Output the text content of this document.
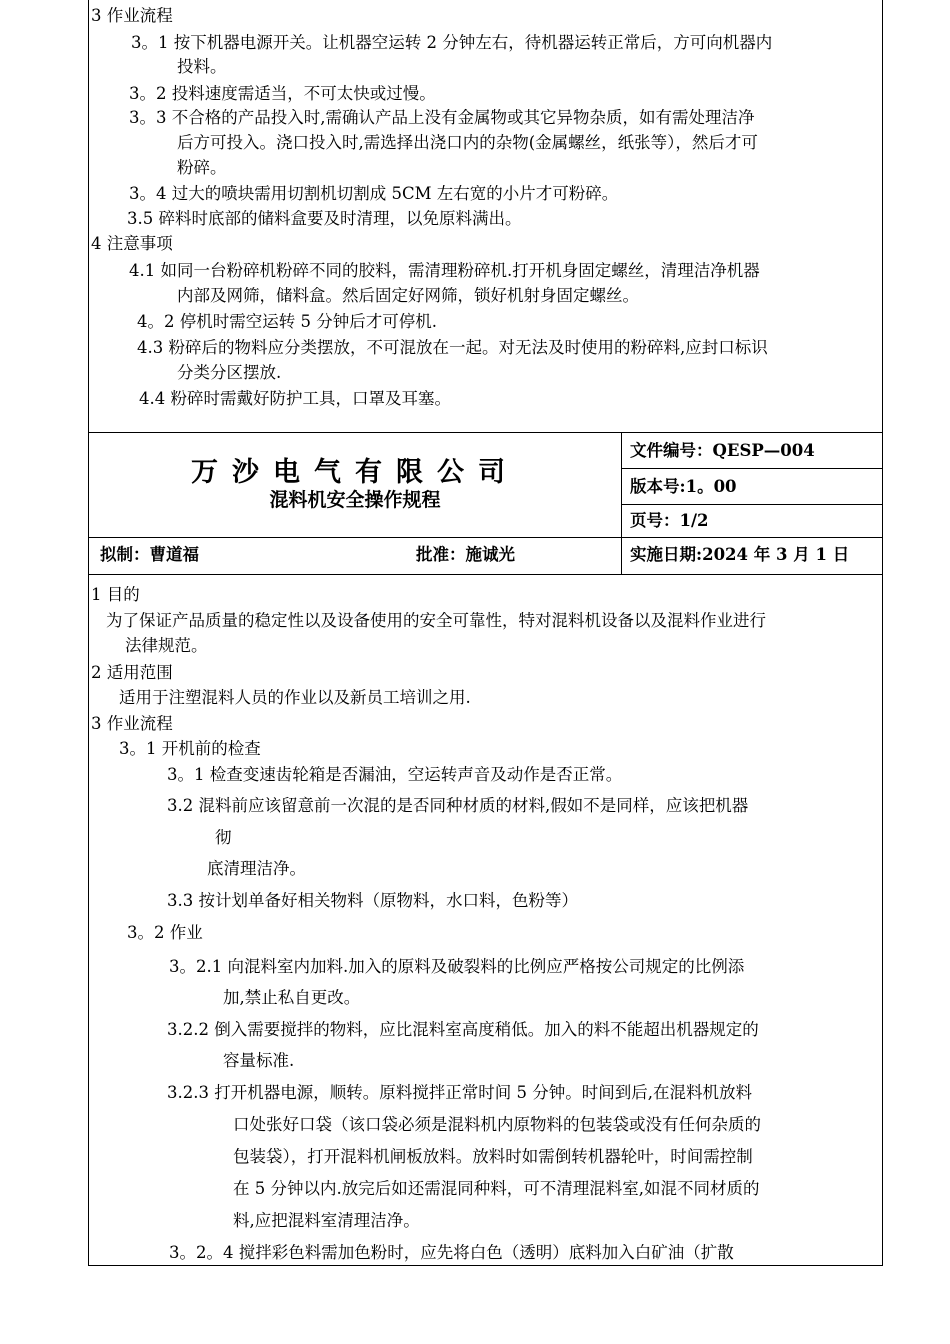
3 作业流程
3。1 按下机器电源开关。让机器空运转 2 分钟左右，待机器运转正常后，方可向机器内
投料。
3。2 投料速度需适当，不可太快或过慢。
3。3 不合格的产品投入时,需确认产品上没有金属物或其它异物杂质，如有需处理洁净
后方可投入。浇口投入时,需选择出浇口内的杂物(金属螺丝，纸张等），然后才可
粉碎。
3。4 过大的喷块需用切割机切割成 5CM 左右宽的小片才可粉碎。
3.5 碎料时底部的储料盒要及时清理，以免原料满出。
4 注意事项
4.1 如同一台粉碎机粉碎不同的胶料，需清理粉碎机.打开机身固定螺丝，清理洁净机器
内部及网筛，储料盒。然后固定好网筛，锁好机射身固定螺丝。
4。2 停机时需空运转 5 分钟后才可停机.
4.3 粉碎后的物料应分类摆放，不可混放在一起。对无法及时使用的粉碎料,应封口标识
分类分区摆放.
4.4 粉碎时需戴好防护工具，口罩及耳塞。
万沙电气有限公司
混料机安全操作规程
文件编号：QESP—004
版本号:1。00
页号：1/2
拟制：曹道福	批准：施诚光	实施日期:2024 年 3 月 1 日
1 目的
为了保证产品质量的稳定性以及设备使用的安全可靠性，特对混料机设备以及混料作业进行
法律规范。
2 适用范围
适用于注塑混料人员的作业以及新员工培训之用.
3 作业流程
3。1 开机前的检查
3。1 检查变速齿轮箱是否漏油，空运转声音及动作是否正常。
3.2 混料前应该留意前一次混的是否同种材质的材料,假如不是同样，应该把机器
彻
底清理洁净。
3.3 按计划单备好相关物料（原物料，水口料，色粉等）
3。2 作业
3。2.1 向混料室内加料.加入的原料及破裂料的比例应严格按公司规定的比例添
加,禁止私自更改。
3.2.2 倒入需要搅拌的物料，应比混料室高度稍低。加入的料不能超出机器规定的
容量标准.
3.2.3 打开机器电源，顺转。原料搅拌正常时间 5 分钟。时间到后,在混料机放料
口处张好口袋（该口袋必须是混料机内原物料的包装袋或没有任何杂质的
包装袋），打开混料机闸板放料。放料时如需倒转机器轮叶，时间需控制
在 5 分钟以内.放完后如还需混同种料，可不清理混料室,如混不同材质的
料,应把混料室清理洁净。
3。2。4 搅拌彩色料需加色粉时，应先将白色（透明）底料加入白矿油（扩散
